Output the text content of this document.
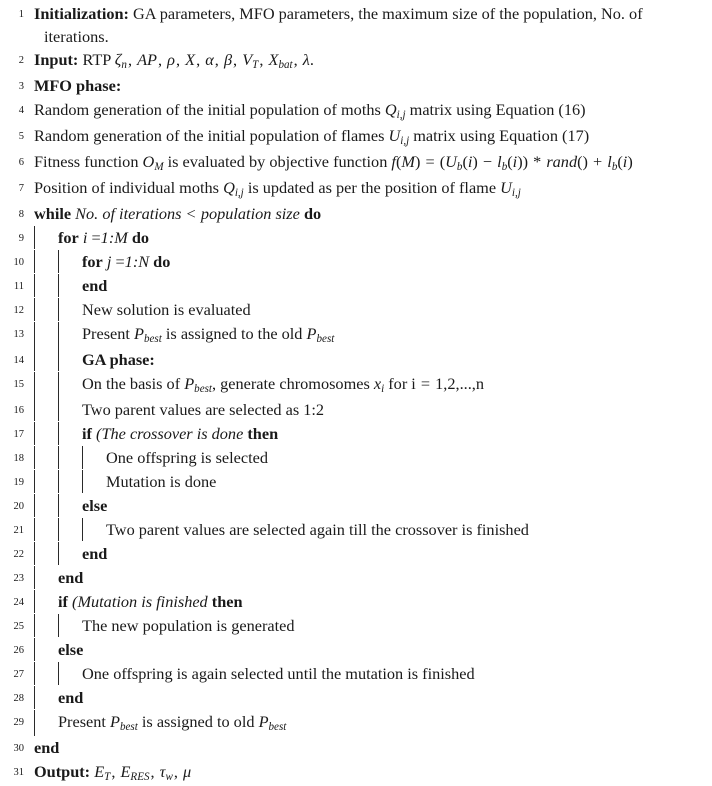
1 Initialization: GA parameters, MFO parameters, the maximum size of the population, No. of
iterations.
2 Input: RTP $\zeta_n$, AP, ρ, X, α, β, $V_T$, $X_{bat}$, λ.
3 MFO phase:
4 Random generation of the initial population of moths $Q_{i,j}$ matrix using Equation (16)
5 Random generation of the initial population of flames $U_{i,j}$ matrix using Equation (17)
6 Fitness function $O_M$ is evaluated by objective function $f(M) = (U_b(i) - l_b(i))$ * rand() + $l_b(i)$
7 Position of individual moths $Q_{i,j}$ is updated as per the position of flame $U_{i,j}$
8 while No. of iterations < population size do
9 for i =1:M do
10	for j =1:N do
11	end
12	New solution is evaluated
13	Present $P_{best}$ is assigned to the old $P_{best}$
14	GA phase:
15	On the basis of $P_{best}$, generate chromosomes $x_i$ for i = 1,2,...,n
16	Two parent values are selected as 1:2
17	if (The crossover is done then
18	One offspring is selected
19	Mutation is done
20	else
21	Two parent values are selected again till the crossover is finished
22	end
23 end
24 if (Mutation is finished then
25	The new population is generated
26 else
27	One offspring is again selected until the mutation is finished
28 end
29 Present $P_{best}$ is assigned to old $P_{best}$
30 end
31 Output: $E_T$, $E_{RES}$, $\tau_w$, μ
